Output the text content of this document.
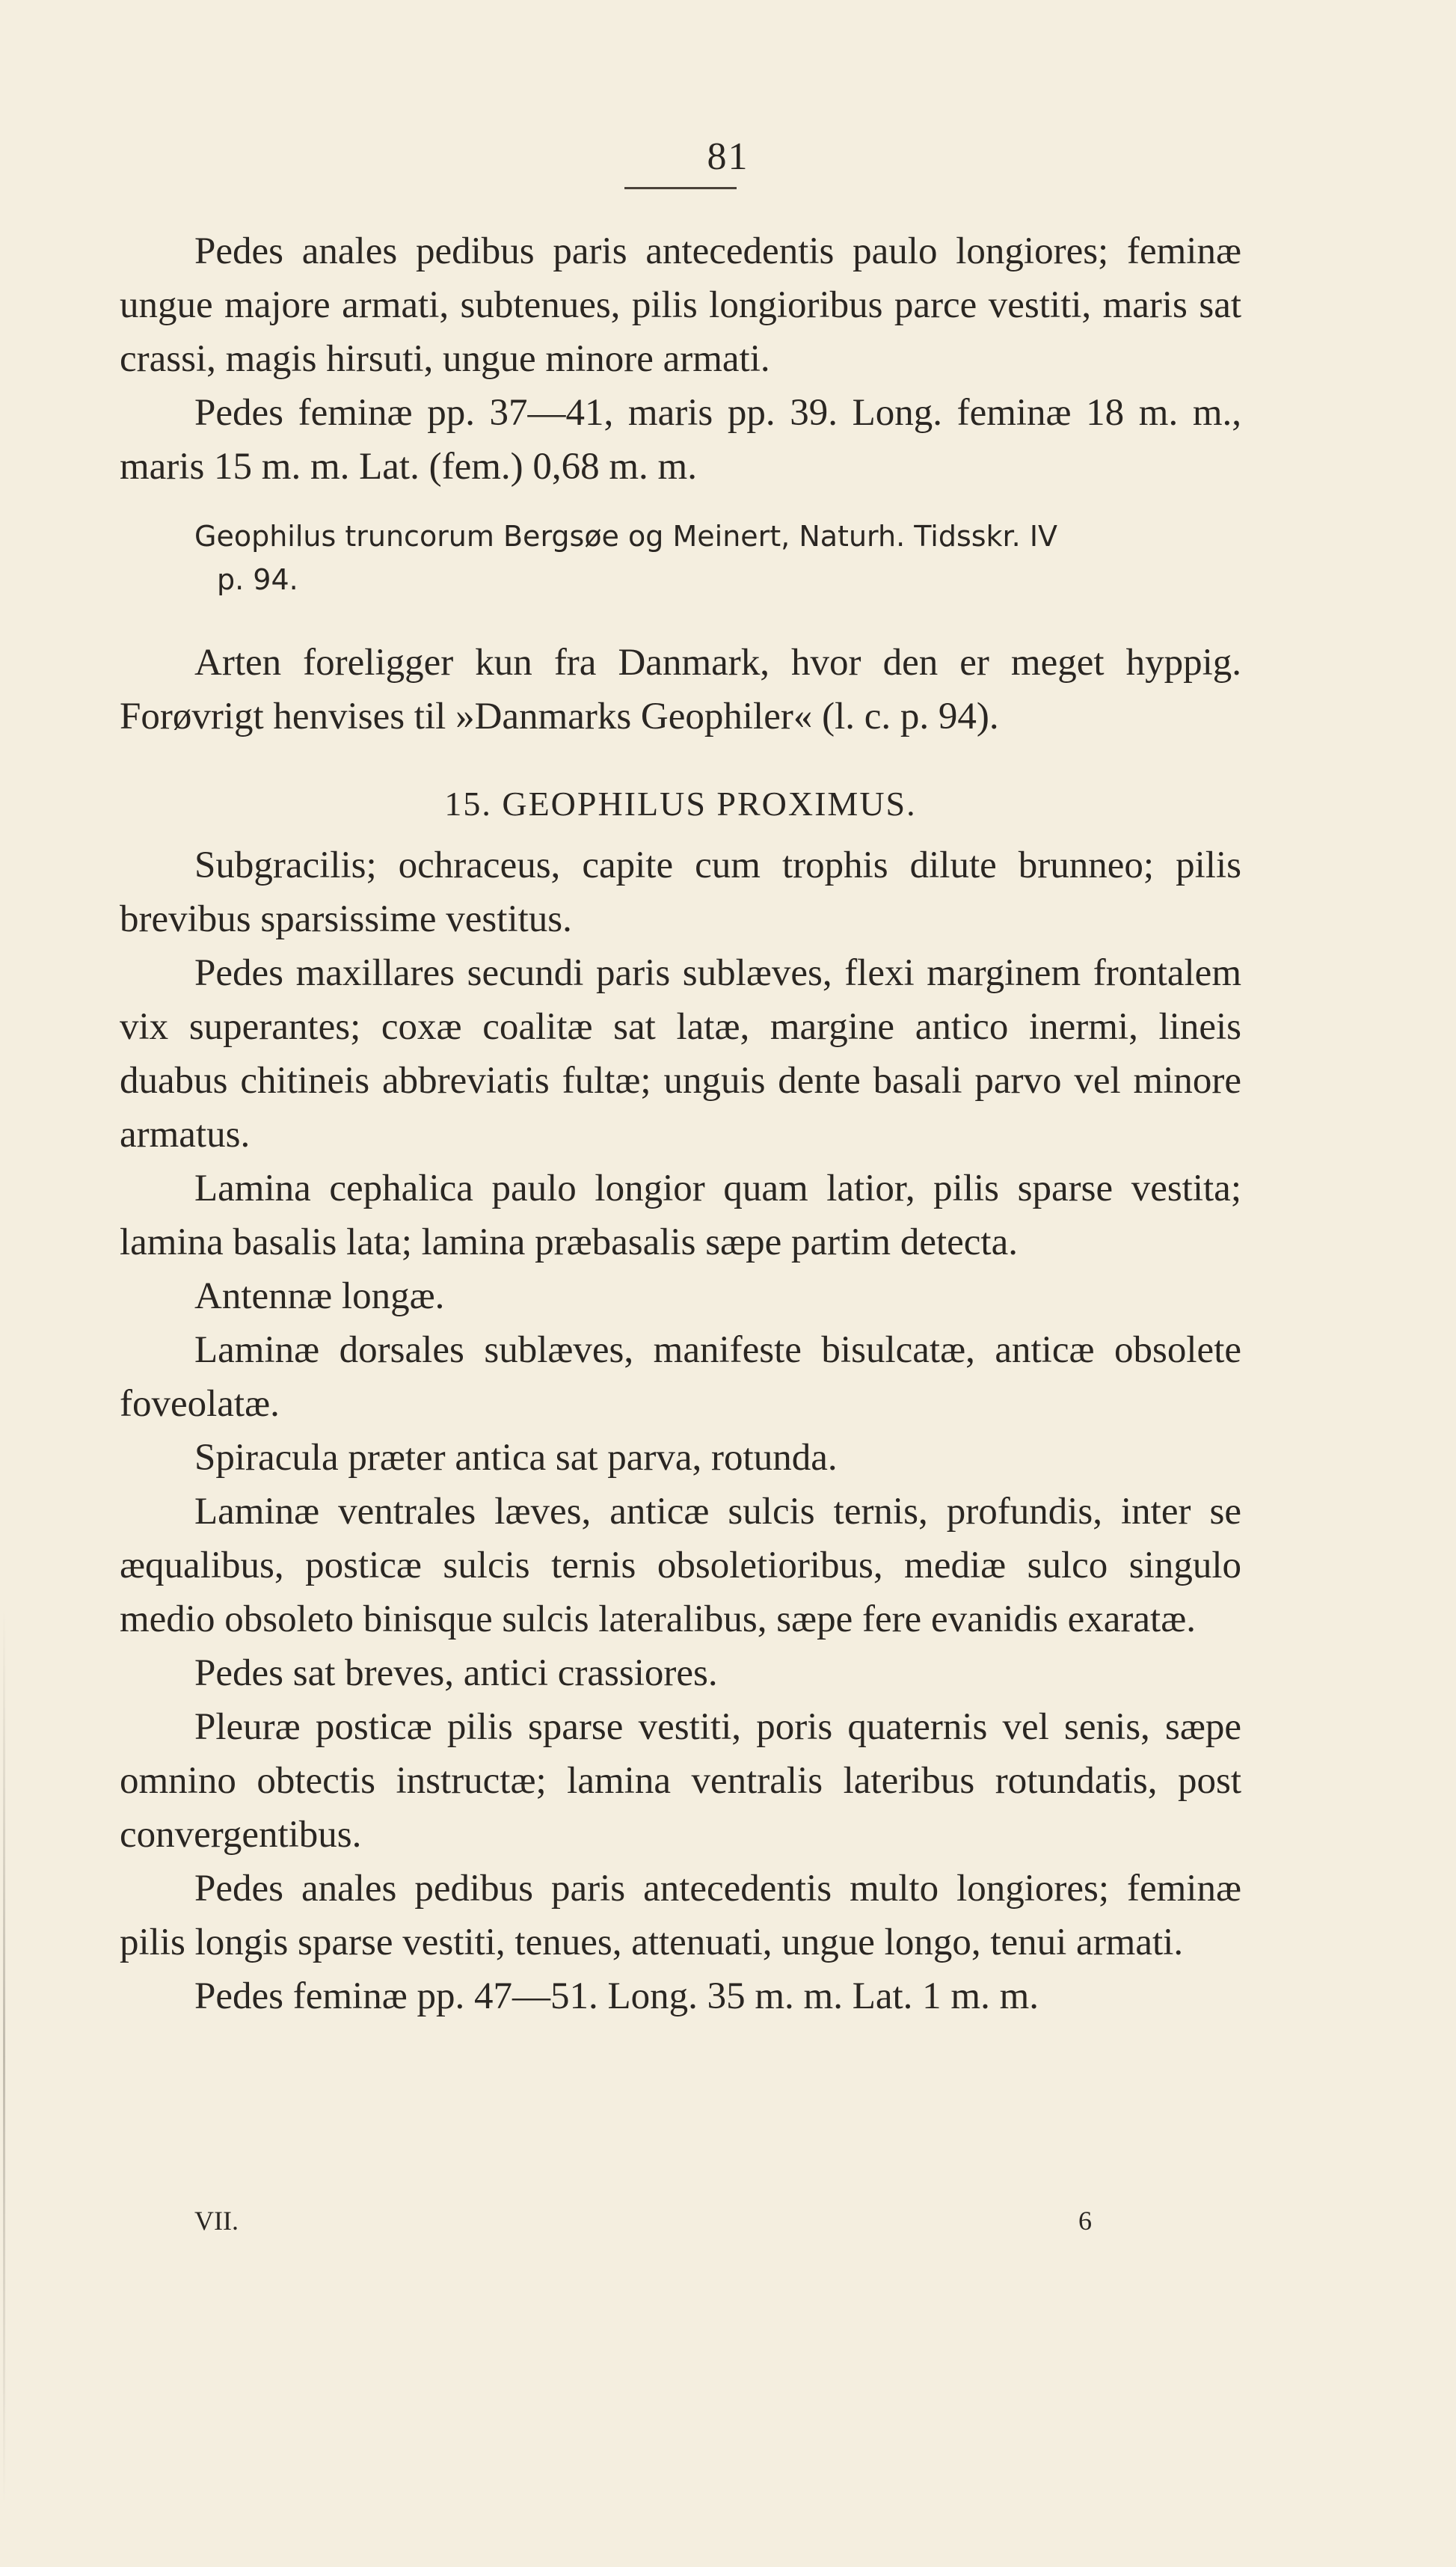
81

Pedes anales pedibus paris antecedentis paulo longiores; feminæ ungue majore armati, subtenues, pilis longioribus parce vestiti, maris sat crassi, magis hirsuti, ungue minore armati.

Pedes feminæ pp. 37—41, maris pp. 39. Long. feminæ 18 m. m., maris 15 m. m. Lat. (fem.) 0,68 m. m.

Geophilus truncorum Bergsøe og Meinert, Naturh. Tidsskr. IV
p. 94.

Arten foreligger kun fra Danmark, hvor den er meget hyppig. Forøvrigt henvises til »Danmarks Geophiler« (l. c. p. 94).

15. GEOPHILUS PROXIMUS.

Subgracilis; ochraceus, capite cum trophis dilute brunneo; pilis brevibus sparsissime vestitus.

Pedes maxillares secundi paris sublæves, flexi marginem frontalem vix superantes; coxæ coalitæ sat latæ, margine antico inermi, lineis duabus chitineis abbreviatis fultæ; unguis dente basali parvo vel minore armatus.

Lamina cephalica paulo longior quam latior, pilis sparse vestita; lamina basalis lata; lamina præbasalis sæpe partim detecta.

Antennæ longæ.

Laminæ dorsales sublæves, manifeste bisulcatæ, anticæ obsolete foveolatæ.

Spiracula præter antica sat parva, rotunda.

Laminæ ventrales læves, anticæ sulcis ternis, profundis, inter se æqualibus, posticæ sulcis ternis obsoletioribus, mediæ sulco singulo medio obsoleto binisque sulcis lateralibus, sæpe fere evanidis exaratæ.

Pedes sat breves, antici crassiores.

Pleuræ posticæ pilis sparse vestiti, poris quaternis vel senis, sæpe omnino obtectis instructæ; lamina ventralis lateribus rotundatis, post convergentibus.

Pedes anales pedibus paris antecedentis multo longiores; feminæ pilis longis sparse vestiti, tenues, attenuati, ungue longo, tenui armati.

Pedes feminæ pp. 47—51. Long. 35 m. m. Lat. 1 m. m.

VII.	6
